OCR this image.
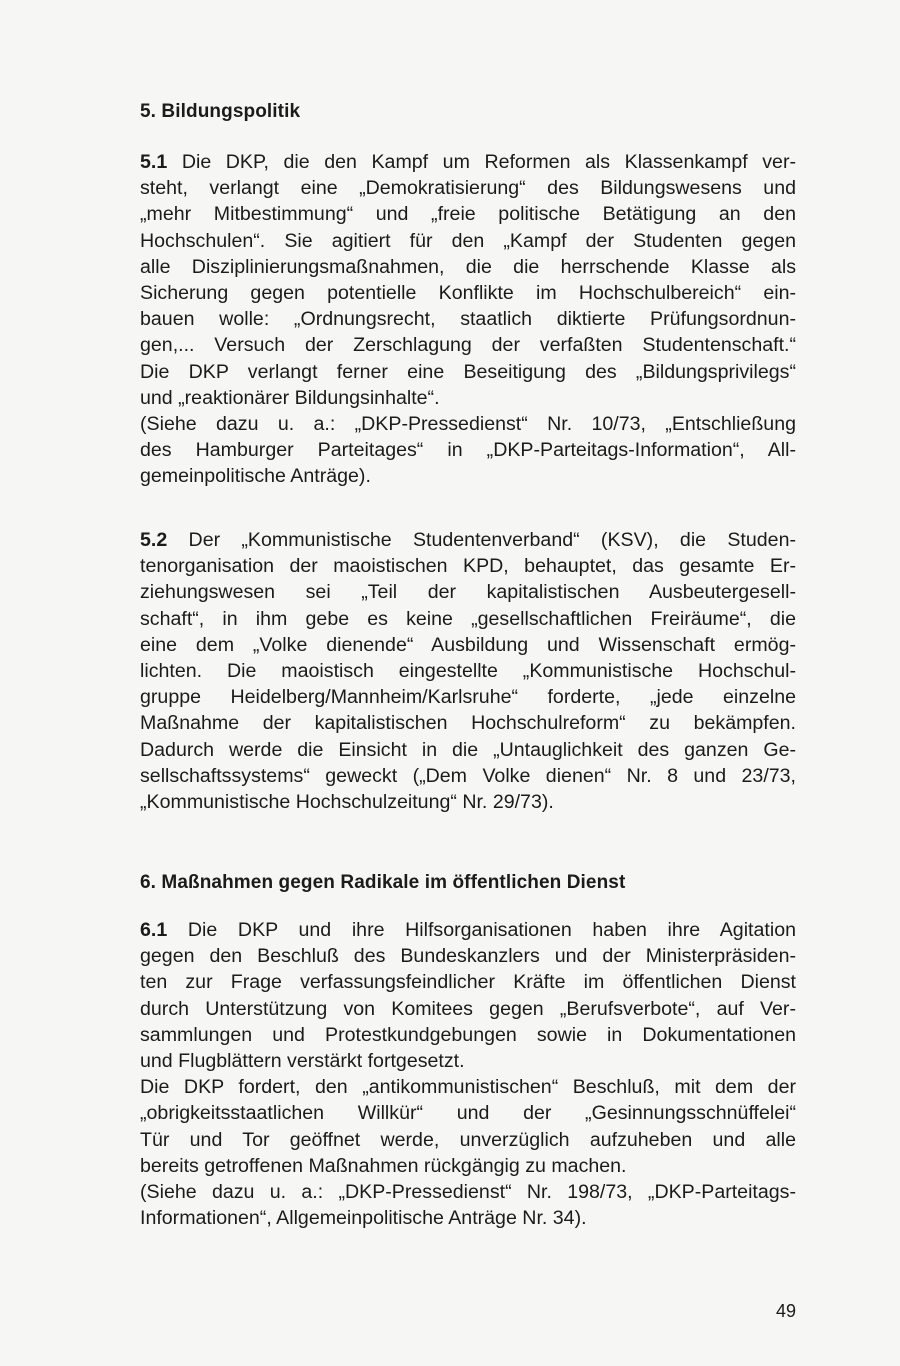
5. Bildungspolitik
5.1 Die DKP, die den Kampf um Reformen als Klassenkampf ver-
steht, verlangt eine „Demokratisierung“ des Bildungswesens und
„mehr Mitbestimmung“ und „freie politische Betätigung an den
Hochschulen“. Sie agitiert für den „Kampf der Studenten gegen
alle Disziplinierungsmaßnahmen, die die herrschende Klasse als
Sicherung gegen potentielle Konflikte im Hochschulbereich“ ein-
bauen wolle: „Ordnungsrecht, staatlich diktierte Prüfungsordnun-
gen,... Versuch der Zerschlagung der verfaßten Studentenschaft.“
Die DKP verlangt ferner eine Beseitigung des „Bildungsprivilegs“
und „reaktionärer Bildungsinhalte“.
(Siehe dazu u. a.: „DKP-Pressedienst“ Nr. 10/73, „Entschließung
des Hamburger Parteitages“ in „DKP-Parteitags-Information“, All-
gemeinpolitische Anträge).
5.2 Der „Kommunistische Studentenverband“ (KSV), die Studen-
tenorganisation der maoistischen KPD, behauptet, das gesamte Er-
ziehungswesen sei „Teil der kapitalistischen Ausbeutergesell-
schaft“, in ihm gebe es keine „gesellschaftlichen Freiräume“, die
eine dem „Volke dienende“ Ausbildung und Wissenschaft ermög-
lichten. Die maoistisch eingestellte „Kommunistische Hochschul-
gruppe Heidelberg/Mannheim/Karlsruhe“ forderte, „jede einzelne
Maßnahme der kapitalistischen Hochschulreform“ zu bekämpfen.
Dadurch werde die Einsicht in die „Untauglichkeit des ganzen Ge-
sellschaftssystems“ geweckt („Dem Volke dienen“ Nr. 8 und 23/73,
„Kommunistische Hochschulzeitung“ Nr. 29/73).
6. Maßnahmen gegen Radikale im öffentlichen Dienst
6.1 Die DKP und ihre Hilfsorganisationen haben ihre Agitation
gegen den Beschluß des Bundeskanzlers und der Ministerpräsiden-
ten zur Frage verfassungsfeindlicher Kräfte im öffentlichen Dienst
durch Unterstützung von Komitees gegen „Berufsverbote“, auf Ver-
sammlungen und Protestkundgebungen sowie in Dokumentationen
und Flugblättern verstärkt fortgesetzt.
Die DKP fordert, den „antikommunistischen“ Beschluß, mit dem der
„obrigkeitsstaatlichen Willkür“ und der „Gesinnungsschnüffelei“
Tür und Tor geöffnet werde, unverzüglich aufzuheben und alle
bereits getroffenen Maßnahmen rückgängig zu machen.
(Siehe dazu u. a.: „DKP-Pressedienst“ Nr. 198/73, „DKP-Parteitags-
Informationen“, Allgemeinpolitische Anträge Nr. 34).
49
